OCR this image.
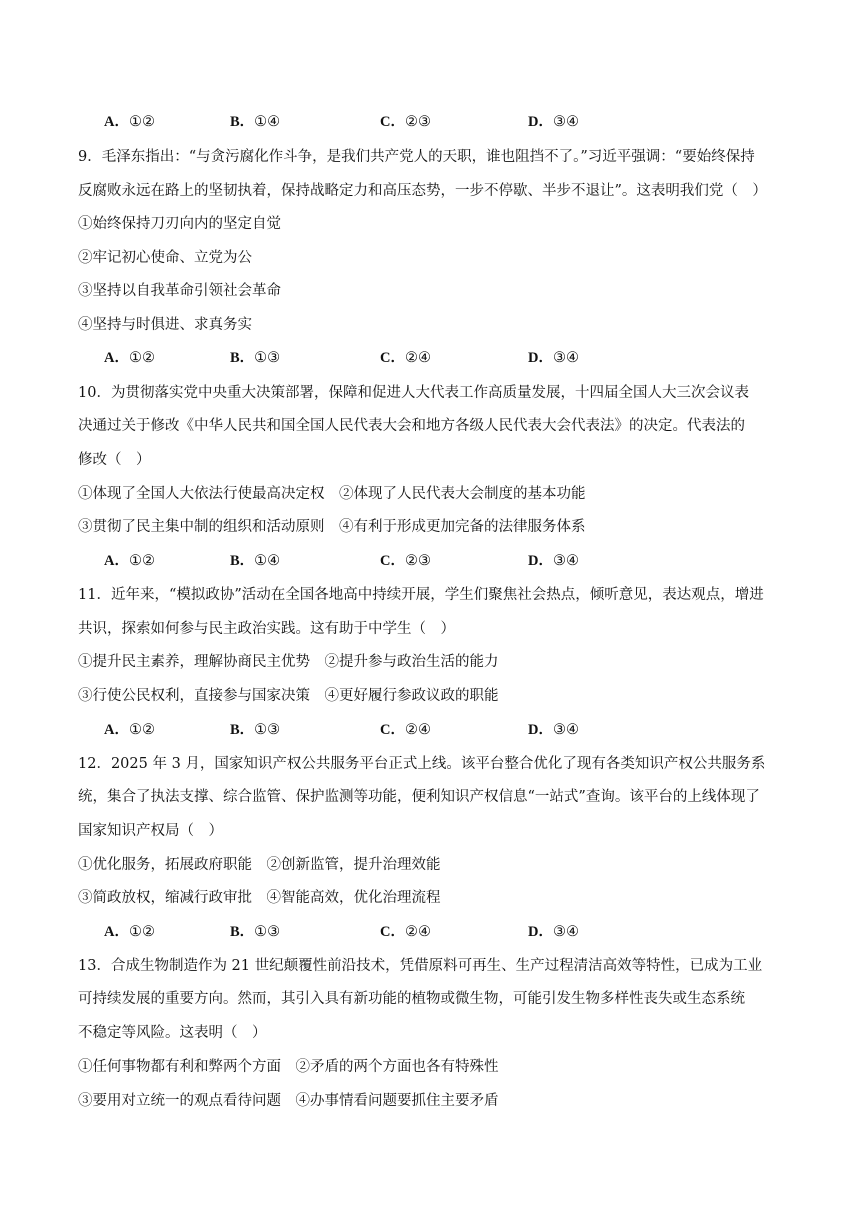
A．①②	B．①④	C．②③	D．③④
9．毛泽东指出：“与贪污腐化作斗争，是我们共产党人的天职，谁也阻挡不了。”习近平强调：“要始终保持
反腐败永远在路上的坚韧执着，保持战略定力和高压态势，一步不停歇、半步不退让”。这表明我们党（　）
①始终保持刀刃向内的坚定自觉
②牢记初心使命、立党为公
③坚持以自我革命引领社会革命
④坚持与时俱进、求真务实
A．①②	B．①③	C．②④	D．③④
10．为贯彻落实党中央重大决策部署，保障和促进人大代表工作高质量发展，十四届全国人大三次会议表
决通过关于修改《中华人民共和国全国人民代表大会和地方各级人民代表大会代表法》的决定。代表法的
修改（　）
①体现了全国人大依法行使最高决定权　②体现了人民代表大会制度的基本功能
③贯彻了民主集中制的组织和活动原则　④有利于形成更加完备的法律服务体系
A．①②	B．①④	C．②③	D．③④
11．近年来，“模拟政协”活动在全国各地高中持续开展，学生们聚焦社会热点，倾听意见，表达观点，增进
共识，探索如何参与民主政治实践。这有助于中学生（　）
①提升民主素养，理解协商民主优势　②提升参与政治生活的能力
③行使公民权利，直接参与国家决策　④更好履行参政议政的职能
A．①②	B．①③	C．②④	D．③④
12．2025 年 3 月，国家知识产权公共服务平台正式上线。该平台整合优化了现有各类知识产权公共服务系
统，集合了执法支撑、综合监管、保护监测等功能，便利知识产权信息“一站式”查询。该平台的上线体现了
国家知识产权局（　）
①优化服务，拓展政府职能　②创新监管，提升治理效能
③简政放权，缩减行政审批　④智能高效，优化治理流程
A．①②	B．①③	C．②④	D．③④
13．合成生物制造作为 21 世纪颠覆性前沿技术，凭借原料可再生、生产过程清洁高效等特性，已成为工业
可持续发展的重要方向。然而，其引入具有新功能的植物或微生物，可能引发生物多样性丧失或生态系统
不稳定等风险。这表明（　）
①任何事物都有利和弊两个方面　②矛盾的两个方面也各有特殊性
③要用对立统一的观点看待问题　④办事情看问题要抓住主要矛盾
